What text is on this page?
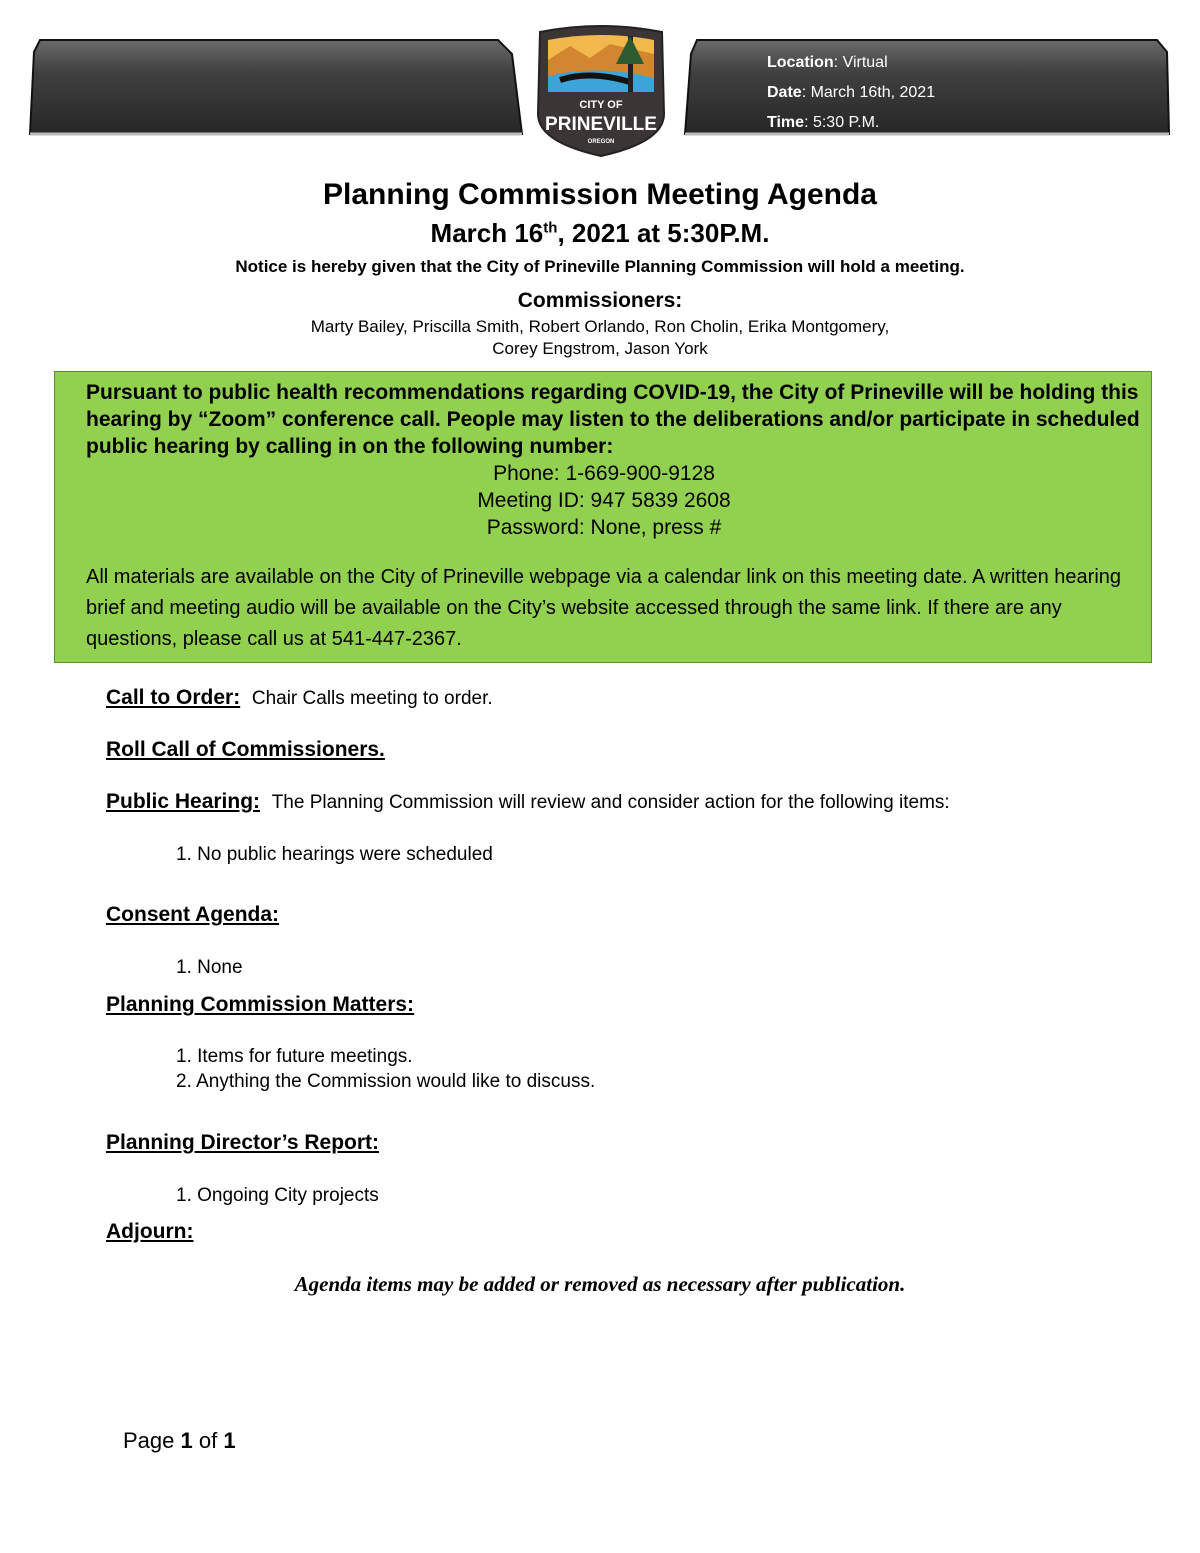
CITY OF
PRINEVILLE
OREGON
Location: Virtual
Date: March 16th, 2021
Time: 5:30 P.M.
Planning Commission Meeting Agenda
March 16th, 2021 at 5:30P.M.
Notice is hereby given that the City of Prineville Planning Commission will hold a meeting.
Commissioners:
Marty Bailey, Priscilla Smith, Robert Orlando, Ron Cholin, Erika Montgomery,
Corey Engstrom, Jason York
Pursuant to public health recommendations regarding COVID-19, the City of Prineville will be holding this hearing by “Zoom” conference call. People may listen to the deliberations and/or participate in scheduled public hearing by calling in on the following number:
Phone: 1-669-900-9128
Meeting ID: 947 5839 2608
Password: None, press #
All materials are available on the City of Prineville webpage via a calendar link on this meeting date. A written hearing brief and meeting audio will be available on the City’s website accessed through the same link. If there are any questions, please call us at 541-447-2367.
Call to Order: Chair Calls meeting to order.
Roll Call of Commissioners.
Public Hearing: The Planning Commission will review and consider action for the following items:
1. No public hearings were scheduled
Consent Agenda:
1. None
Planning Commission Matters:
1. Items for future meetings.
2. Anything the Commission would like to discuss.
Planning Director’s Report:
1. Ongoing City projects
Adjourn:
Agenda items may be added or removed as necessary after publication.
Page 1 of 1
